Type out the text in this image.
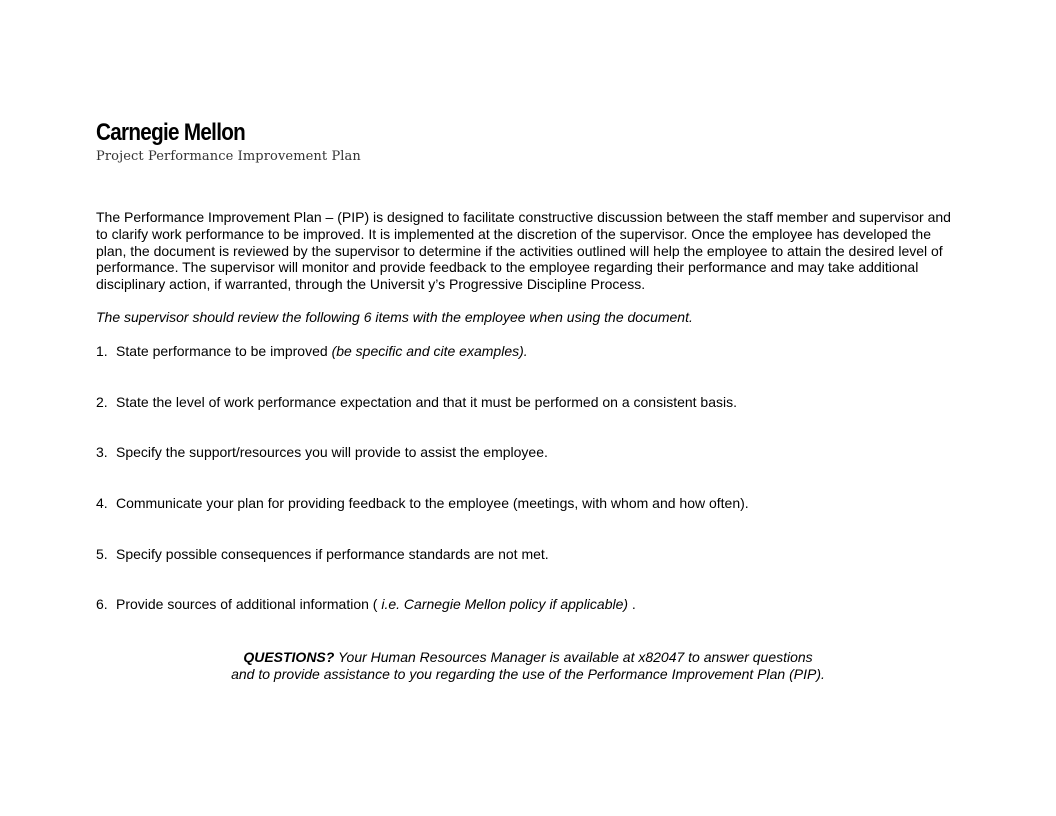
Carnegie Mellon

Project Performance Improvement Plan

The Performance Improvement Plan – (PIP) is designed to facilitate constructive discussion between the staff member and supervisor and to clarify work performance to be improved. It is implemented at the discretion of the supervisor. Once the employee has developed the plan, the document is reviewed by the supervisor to determine if the activities outlined will help the employee to attain the desired level of performance. The supervisor will monitor and provide feedback to the employee regarding their performance and may take additional disciplinary action, if warranted, through the Universit y’s Progressive Discipline Process.

The supervisor should review the following 6 items with the employee when using the document.

1. State performance to be improved (be specific and cite examples).
2. State the level of work performance expectation and that it must be performed on a consistent basis.
3. Specify the support/resources you will provide to assist the employee.
4. Communicate your plan for providing feedback to the employee (meetings, with whom and how often).
5. Specify possible consequences if performance standards are not met.
6. Provide sources of additional information ( i.e. Carnegie Mellon policy if applicable) .
QUESTIONS? Your Human Resources Manager is available at x82047 to answer questions
and to provide assistance to you regarding the use of the Performance Improvement Plan (PIP).
